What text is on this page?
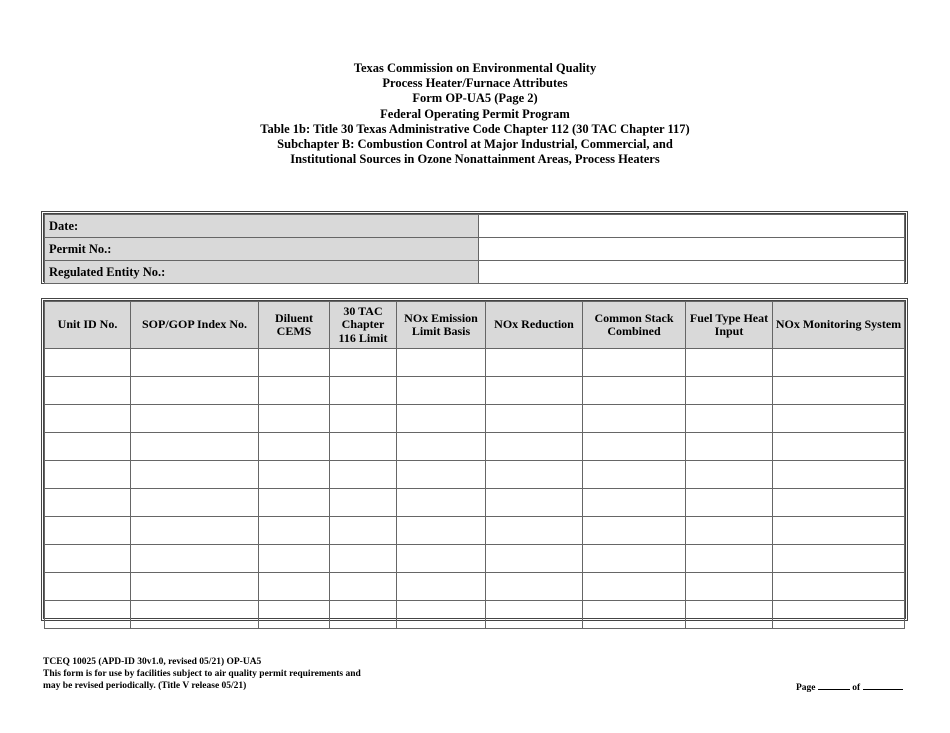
Texas Commission on Environmental Quality
Process Heater/Furnace Attributes
Form OP-UA5 (Page 2)
Federal Operating Permit Program
Table 1b: Title 30 Texas Administrative Code Chapter 112 (30 TAC Chapter 117)
Subchapter B: Combustion Control at Major Industrial, Commercial, and
Institutional Sources in Ozone Nonattainment Areas, Process Heaters
Date:	
Permit No.:	
Regulated Entity No.:	
Unit ID No.	SOP/GOP Index No.	Diluent CEMS	30 TAC Chapter 116 Limit	NOx Emission Limit Basis	NOx Reduction	Common Stack Combined	Fuel Type Heat Input	NOx Monitoring System

TCEQ 10025 (APD-ID 30v1.0, revised 05/21) OP-UA5
This form is for use by facilities subject to air quality permit requirements and
may be revised periodically. (Title V release 05/21)	Page	of
